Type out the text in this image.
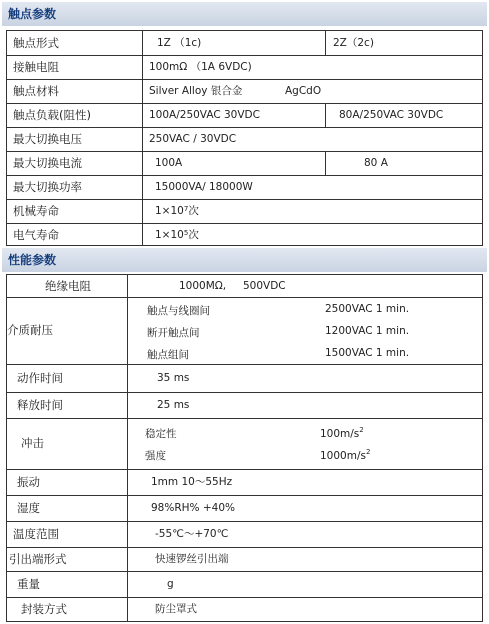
触点参数
触点形式	1Z （1c)	2Z（2c)
接触电阻	100mΩ （1A 6VDC)
触点材料	Silver Alloy 银合金	AgCdO
触点负载(阻性)	100A/250VAC 30VDC	80A/250VAC 30VDC
最大切换电压	250VAC / 30VDC
最大切换电流	100A	80 A
最大切换功率	15000VA/ 18000W
机械寿命	$1\times 10^7$次
电气寿命	$1\times 10^5$次
性能参数
绝缘电阻	1000MΩ, 500VDC
介质耐压
触点与线圈间	2500VAC 1 min.
断开触点间	1200VAC 1 min.
触点组间	1500VAC 1 min.
动作时间	35 ms
释放时间	25 ms
冲击
稳定性	$100m/s^2$
强度	$1000m/s^2$
振动	1mm 10～55Hz
湿度	98%RH% +40%
温度范围	-55℃～+70℃
引出端形式	快速锣丝引出端
重量	g
封装方式	防尘罩式
